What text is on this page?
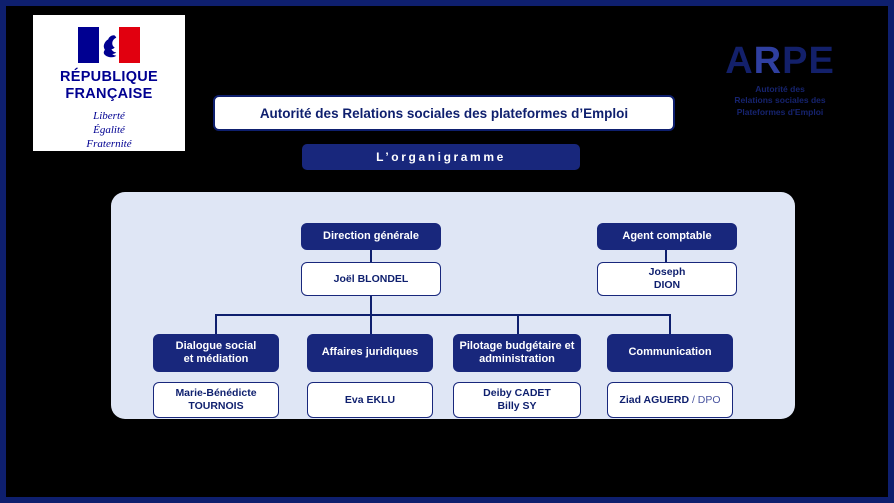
RÉPUBLIQUE
FRANÇAISE
Liberté
Égalité
Fraternité
ARPE
Autorité des
Relations sociales des
Plateformes d'Emploi
Autorité des Relations sociales des plateformes d’Emploi
L’organigramme
Direction générale
Joël BLONDEL
Agent comptable
Joseph
DION
Dialogue social
et médiation
Marie-Bénédicte
TOURNOIS
Affaires juridiques
Eva EKLU
Pilotage budgétaire et
administration
Deiby CADET
Billy SY
Communication
Ziad AGUERD / DPO
